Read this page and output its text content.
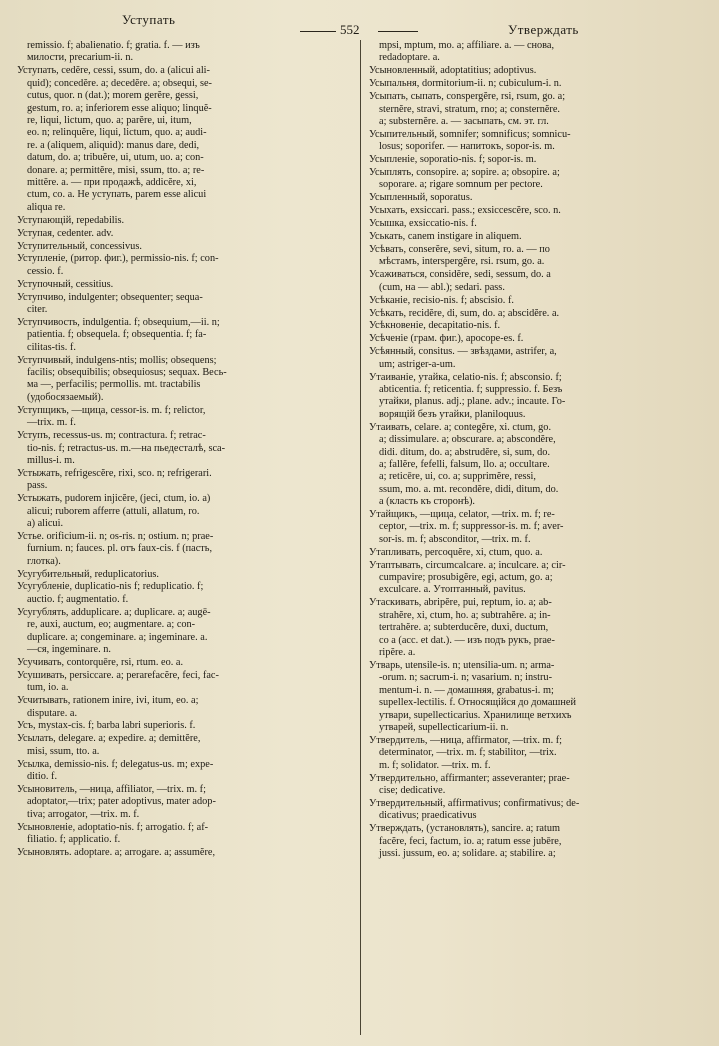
Уступать
552	Утверждать
remissio. f; abalienatio. f; gratia. f. — изъ
милости, precarium-ii. n.
Уступать, cedĕre, cessi, ssum, do. a (alicui ali-
quid); concedĕre. a; decedĕre. a; obsequi, se-
cutus, quor. n (dat.); morem gerĕre, gessi,
gestum, ro. a; inferiorem esse aliquo; linquĕ-
re, liqui, lictum, quo. a; parĕre, ui, itum,
eo. n; relinquĕre, liqui, lictum, quo. a; audi-
re. a (aliquem, aliquid): manus dare, dedi,
datum, do. a; tribuĕre, ui, utum, uo. a; con-
donare. a; permittĕre, misi, ssum, tto. a; re-
mittĕre. a. — при продажѣ, addicĕre, xi,
ctum, co. a. Не уступать, parem esse alicui
aliqua re.
Уступающій, repedabilis.
Уступая, cedenter. adv.
Уступительный, concessivus.
Уступленіе, (ритор. фиг.), permissio-nis. f; con-
cessio. f.
Уступочный, cessitius.
Уступчиво, indulgenter; obsequenter; sequa-
citer.
Уступчивость, indulgentia. f; obsequium,—ii. n;
patientia. f; obsequela. f; obsequentia. f; fa-
cilitas-tis. f.
Уступчивый, indulgens-ntis; mollis; obsequens;
facilis; obsequibilis; obsequiosus; sequax. Весь-
ма —, perfacilis; permollis. mt. tractabilis
(удобосязаемый).
Уступщикъ, —щица, cessor-is. m. f; relictor,
—trix. m. f.
Уступъ, recessus-us. m; contractura. f; retrac-
tio-nis. f; retractus-us. m.—на пьедесталѣ, sca-
millus-i. m.
Устыжать, refrigescĕre, rixi, sco. n; refrigerari.
pass.
Устыжать, pudorem injicĕre, (jeci, ctum, io. a)
alicui; ruborem afferre (attuli, allatum, ro.
a) alicui.
Устье. orificium-ii. n; os-ris. n; ostium. n; prae-
furnium. n; fauces. pl. отъ faux-cis. f (пасть,
глотка).
Усугубительный, reduplicatorius.
Усугубленіе, duplicatio-nis f; reduplicatio. f;
auctio. f; augmentatio. f.
Усугублять, adduplicare. a; duplicare. a; augē-
re, auxi, auctum, eo; augmentare. a; con-
duplicare. a; congeminare. a; ingeminare. a.
—ся, ingeminare. n.
Усучивать, contorquēre, rsi, rtum. eo. a.
Усушивать, persiccare. a; perarefacĕre, feci, fac-
tum, io. a.
Усчитывать, rationem inire, ivi, itum, eo. a;
disputare. a.
Усъ, mystax-cis. f; barba labri superioris. f.
Усылать, delegare. a; expedire. a; demittĕre,
misi, ssum, tto. a.
Усылка, demissio-nis. f; delegatus-us. m; expe-
ditio. f.
Усыновитель, —ница, affiliator, —trix. m. f;
adoptator,—trix; pater adoptivus, mater adop-
tiva; arrogator, —trix. m. f.
Усыновленіе, adoptatio-nis. f; arrogatio. f; af-
filiatio. f; applicatio. f.
Усыновлять. adoptare. a; arrogare. a; assumĕre,
mpsi, mptum, mo. a; affiliare. a. — снова,
redadoptare. a.
Усыновленный, adoptatitius; adoptivus.
Усыпальня, dormitorium-ii. n; cubiculum-i. n.
Усыпать, сыпать, conspergĕre, rsi, rsum, go. a;
sternĕre, stravi, stratum, rno; a; consternĕre.
a; substernĕre. a. — засыпать, см. эт. гл.
Усыпительный, somnifer; somnificus; somnicu-
losus; soporifer. — напитокъ, sopor-is. m.
Усыпленіе, soporatio-nis. f; sopor-is. m.
Усыплять, consopire. a; sopire. a; obsopire. a;
soporare. a; rigare somnum per pectore.
Усыпленный, soporatus.
Усыхать, exsiccari. pass.; exsiccescĕre, sco. n.
Усышка, exsiccatio-nis. f.
Уськать, canem instigare in aliquem.
Усѣвать, conserĕre, sevi, situm, ro. a. — по
мѣстамъ, interspergĕre, rsi. rsum, go. a.
Усаживаться, considĕre, sedi, sessum, do. a
(cum, на — abl.); sedari. pass.
Усѣканіе, recisio-nis. f; abscisio. f.
Усѣкать, recidĕre, di, sum, do. a; abscidĕre. a.
Усѣкновеніе, decapitatio-nis. f.
Усѣченіе (грам. фиг.), apocope-es. f.
Усѣянный, consitus. — звѣздами, astrifer, a,
um; astriger-a-um.
Утаиваніе, утайка, celatio-nis. f; absconsio. f;
abticentia. f; reticentia. f; suppressio. f. Безъ
утайки, planus. adj.; plane. adv.; incaute. Го-
ворящій безъ утайки, planiloquus.
Утаивать, celare. a; contegĕre, xi. ctum, go.
a; dissimulare. a; obscurare. a; abscondĕre,
didi. ditum, do. a; abstrudĕre, si, sum, do.
a; fallĕre, fefelli, falsum, llo. a; occultare.
a; reticēre, ui, co. a; supprimĕre, ressi,
ssum, mo. a. mt. recondĕre, didi, ditum, do.
a (класть къ сторонѣ).
Утайщикъ, —щица, celator, —trix. m. f; re-
ceptor, —trix. m. f; suppressor-is. m. f; aver-
sor-is. m. f; absconditor, —trix. m. f.
Утапливать, percoquĕre, xi, ctum, quo. a.
Утаптывать, circumcalcare. a; inculcare. a; cir-
cumpavire; prosubigĕre, egi, actum, go. a;
exculcare. a. Утоптанный, pavitus.
Утаскивать, abripĕre, pui, reptum, io. a; ab-
strahĕre, xi, ctum, ho. a; subtrahĕre. a; in-
tertrahĕre. a; subterducĕre, duxi, ductum,
co a (acc. et dat.). — изъ подъ рукъ, prae-
ripĕre. a.
Утварь, utensile-is. n; utensilia-um. n; arma-
-orum. n; sacrum-i. n; vasarium. n; instru-
mentum-i. n. — домашняя, grabatus-i. m;
supellex-lectilis. f. Относящійся до домашней
утвари, supellecticarius. Хранилище ветхихъ
утварей, supellecticarium-ii. n.
Утвердитель, —ница, affirmator, —trix. m. f;
determinator, —trix. m. f; stabilitor, —trix.
m. f; solidator. —trix. m. f.
Утвердительно, affirmanter; asseveranter; prae-
cise; dedicative.
Утвердительный, affirmativus; confirmativus; de-
dicativus; praedicativus
Утверждать, (установлять), sancire. a; ratum
facĕre, feci, factum, io. a; ratum esse jubēre,
jussi. jussum, eo. a; solidare. a; stabilire. a;
